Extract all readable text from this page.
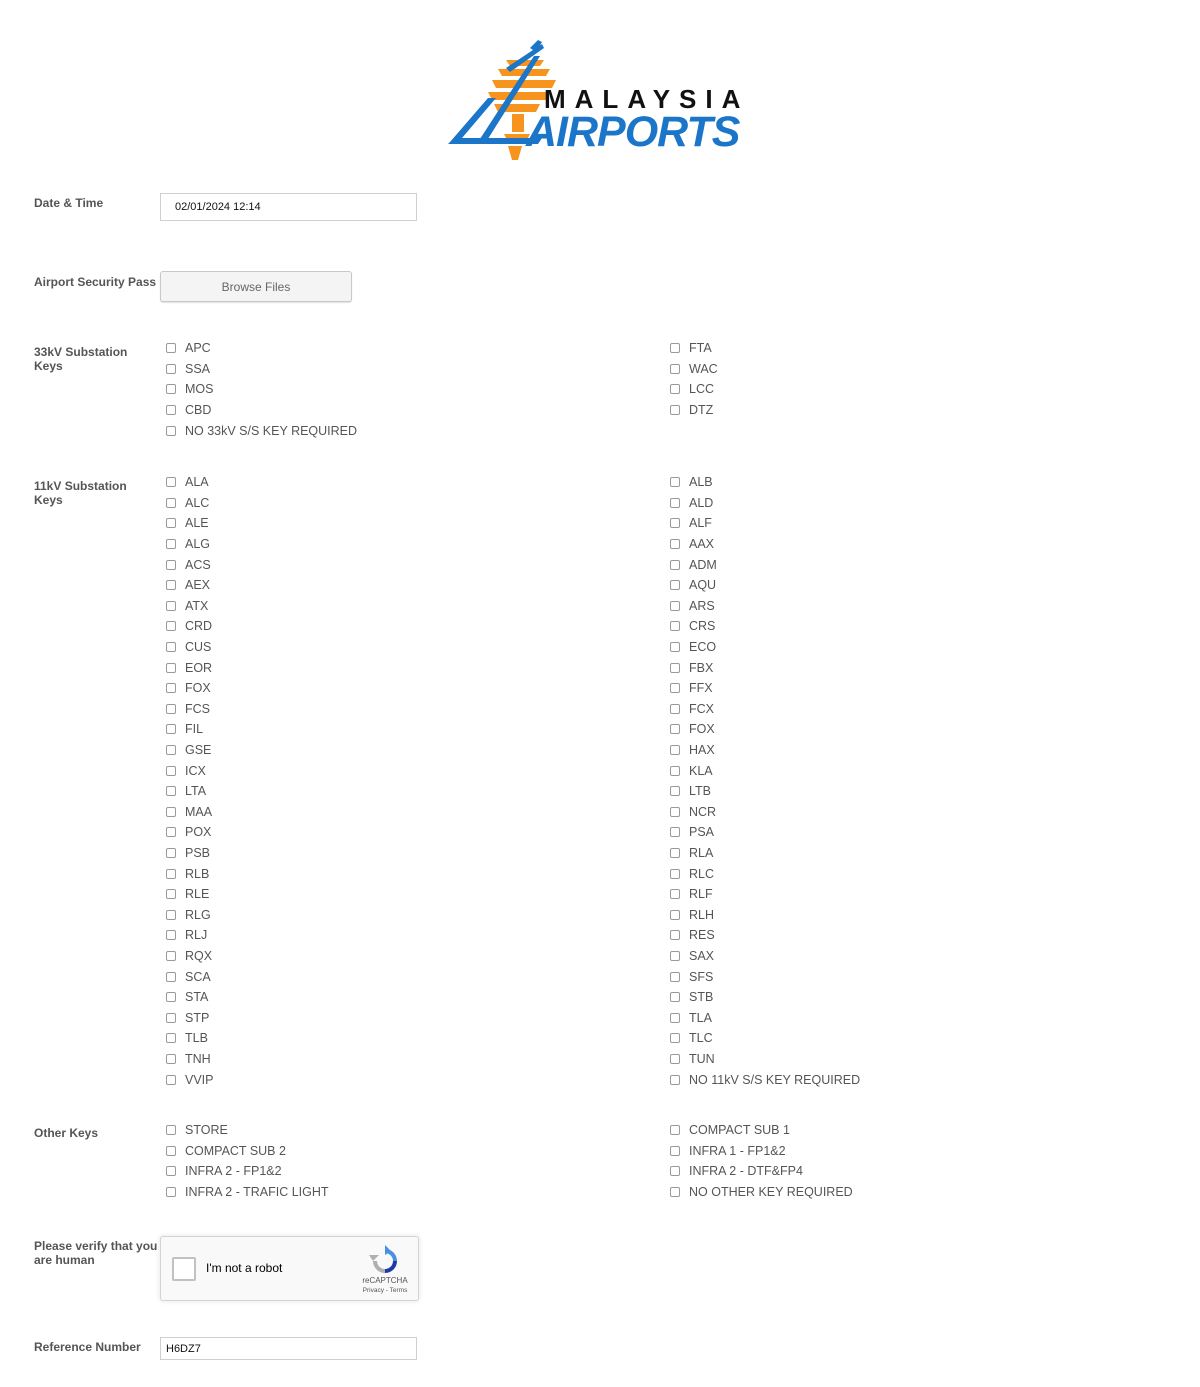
MALAYSIA
AIRPORTS
Date & Time	02/01/2024 12:14
Airport Security Pass	Browse Files
33kV Substation Keys
APC
SSA
MOS
CBD
NO 33kV S/S KEY REQUIRED
FTA
WAC
LCC
DTZ
11kV Substation Keys
ALA
ALC
ALE
ALG
ACS
AEX
ATX
CRD
CUS
EOR
FOX
FCS
FIL
GSE
ICX
LTA
MAA
POX
PSB
RLB
RLE
RLG
RLJ
RQX
SCA
STA
STP
TLB
TNH
VVIP
ALB
ALD
ALF
AAX
ADM
AQU
ARS
CRS
ECO
FBX
FFX
FCX
FOX
HAX
KLA
LTB
NCR
PSA
RLA
RLC
RLF
RLH
RES
SAX
SFS
STB
TLA
TLC
TUN
NO 11kV S/S KEY REQUIRED
Other Keys	STORE
COMPACT SUB 2
INFRA 2 - FP1&2
INFRA 2 - TRAFIC LIGHT
COMPACT SUB 1
INFRA 1 - FP1&2
INFRA 2 - DTF&FP4
NO OTHER KEY REQUIRED
Please verify that you are human
I'm not a robot
reCAPTCHA
Privacy - Terms
Reference Number	H6DZ7
